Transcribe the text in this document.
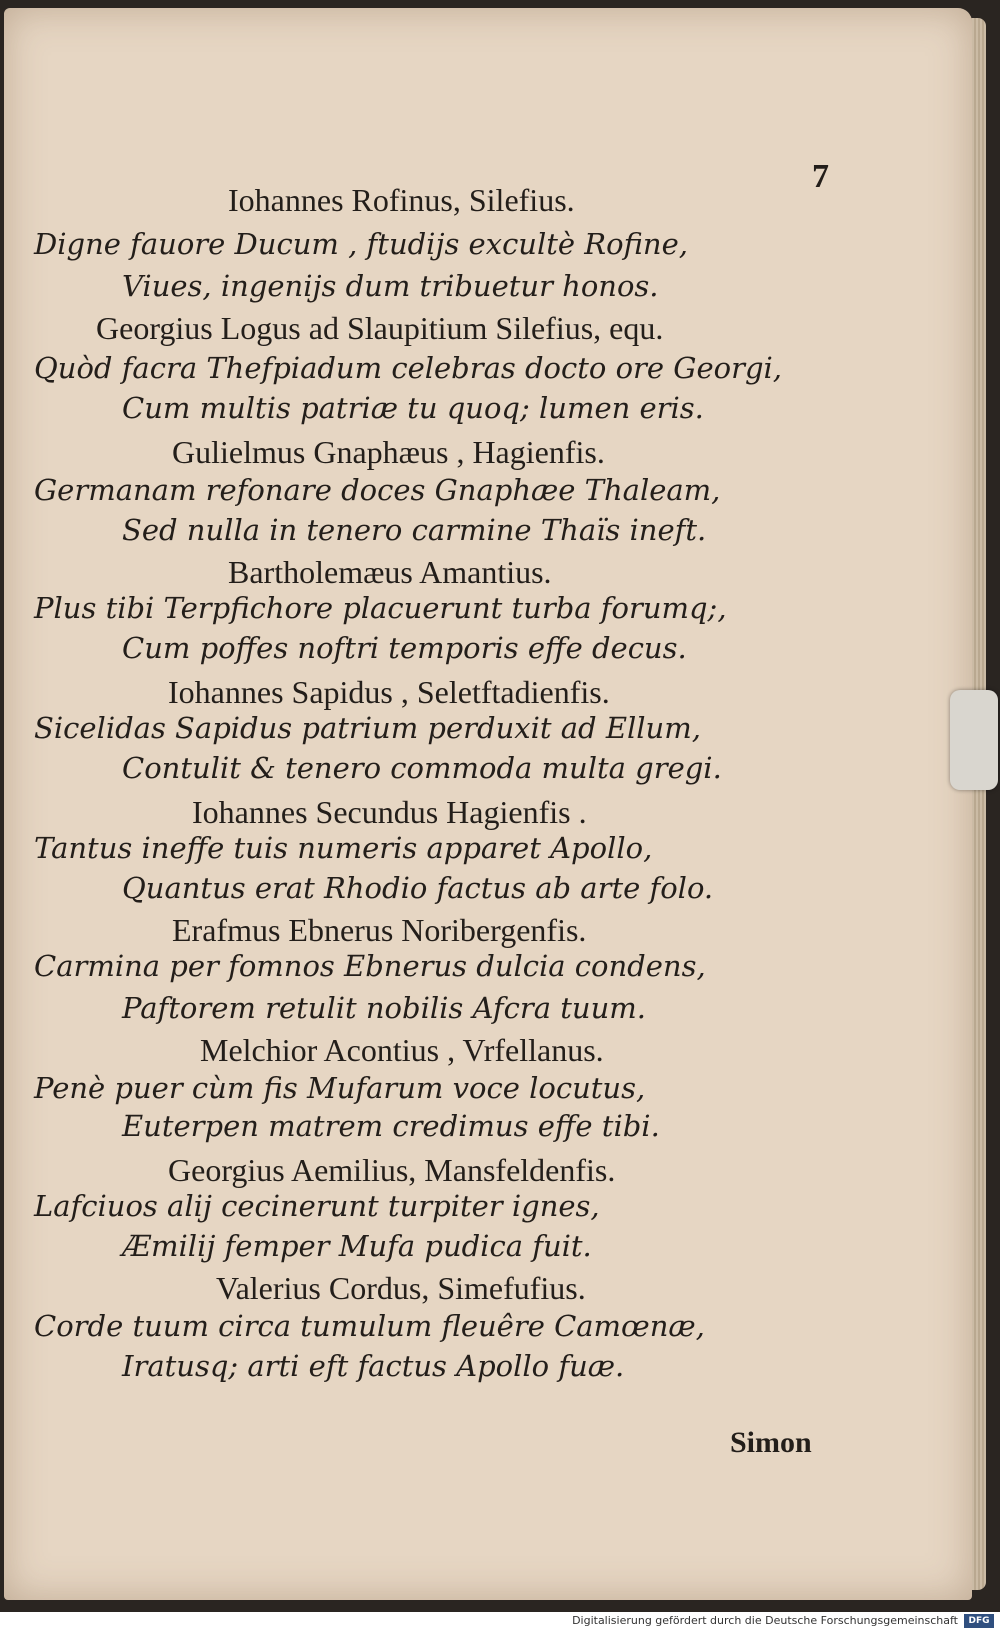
7
Iohannes Rofinus, Silefius.
Digne fauore Ducum , ftudijs excultè Rofine,
Viues, ingenijs dum tribuetur honos.
Georgius Logus ad Slaupitium Silefius, equ.
Quòd facra Thefpiadum celebras docto ore Georgi,
Cum multis patriæ tu quoq; lumen eris.
Gulielmus Gnaphæus , Hagienfis.
Germanam refonare doces Gnaphæe Thaleam,
Sed nulla in tenero carmine Thaïs ineft.
Bartholemæus Amantius.
Plus tibi Terpfichore placuerunt turba forumq;,
Cum poffes noftri temporis effe decus.
Iohannes Sapidus , Seletftadienfis.
Sicelidas Sapidus patrium perduxit ad Ellum,
Contulit & tenero commoda multa gregi.
Iohannes Secundus Hagienfis .
Tantus ineffe tuis numeris apparet Apollo,
Quantus erat Rhodio factus ab arte folo.
Erafmus Ebnerus Noribergenfis.
Carmina per fomnos Ebnerus dulcia condens,
Paftorem retulit nobilis Afcra tuum.
Melchior Acontius , Vrfellanus.
Penè puer cùm fis Mufarum voce locutus,
Euterpen matrem credimus effe tibi.
Georgius Aemilius, Mansfeldenfis.
Lafciuos alij cecinerunt turpiter ignes,
Æmilij femper Mufa pudica fuit.
Valerius Cordus, Simefufius.
Corde tuum circa tumulum fleuêre Camœnæ,
Iratusq; arti eft factus Apollo fuæ.
Simon
Digitalisierung gefördert durch die Deutsche Forschungsgemeinschaft	DFG
